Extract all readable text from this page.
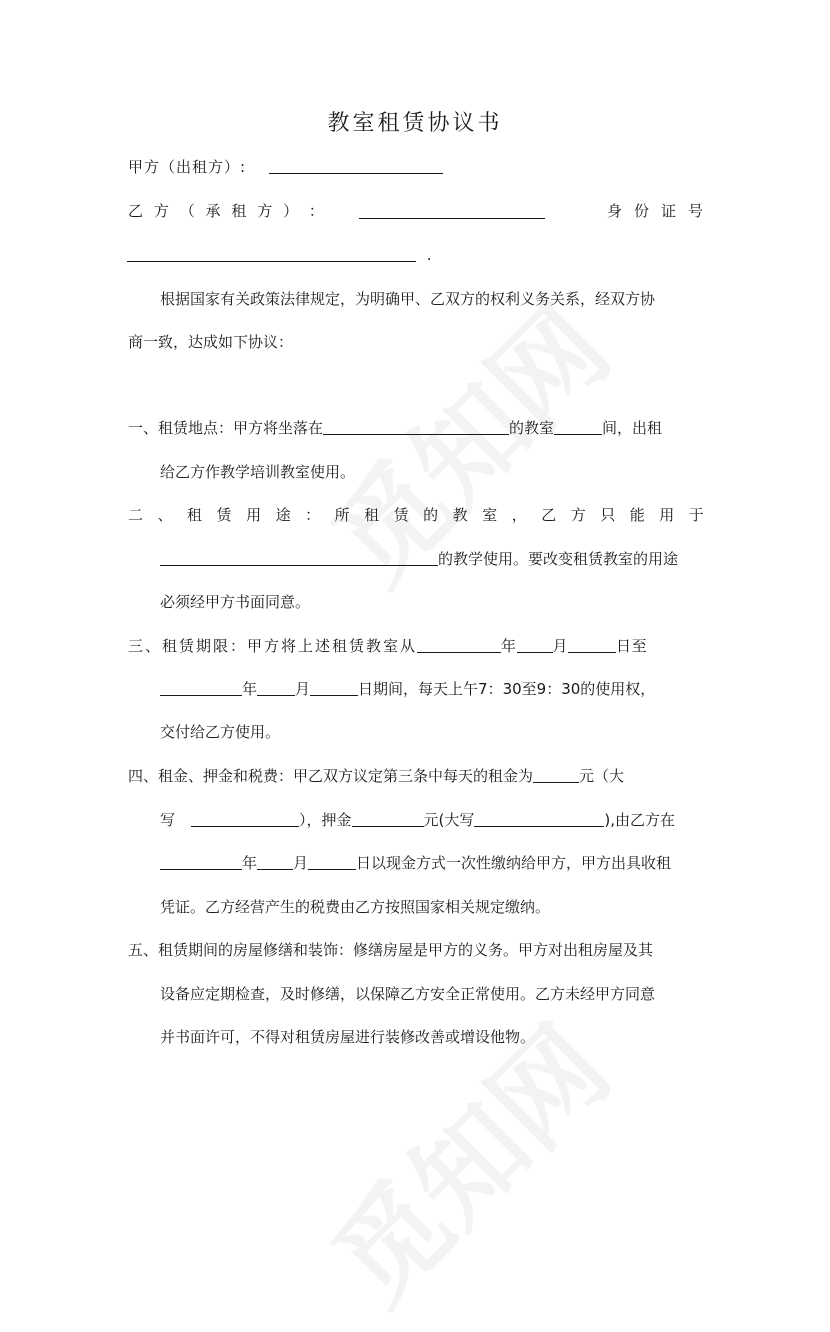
教室租赁协议书
甲方（出租方）:
乙 方 （ 承 租 方 ） ：	身 份 证 号
.
根据国家有关政策法律规定，为明确甲、乙双方的权利义务关系，经双方协
商一致，达成如下协议：
一、租赁地点：甲方将坐落在	的教室	间，出租
给乙方作教学培训教室使用。
二 、 租 赁 用 途 ： 所 租 赁 的 教 室 ， 乙 方 只 能 用 于
的教学使用。要改变租赁教室的用途
必须经甲方书面同意。
三、租赁期限：甲方将上述租赁教室从	年 月	日至
年	月	日期间，每天上午7：30至9：30的使用权，
交付给乙方使用。
四、租金、押金和税费：甲乙双方议定第三条中每天的租金为	元（大
写	），押金	元(大写	),由乙方在
年 月	日以现金方式一次性缴纳给甲方，甲方出具收租
凭证。乙方经营产生的税费由乙方按照国家相关规定缴纳。
五、租赁期间的房屋修缮和装饰：修缮房屋是甲方的义务。甲方对出租房屋及其
设备应定期检查，及时修缮，以保障乙方安全正常使用。乙方未经甲方同意
并书面许可，不得对租赁房屋进行装修改善或增设他物。
